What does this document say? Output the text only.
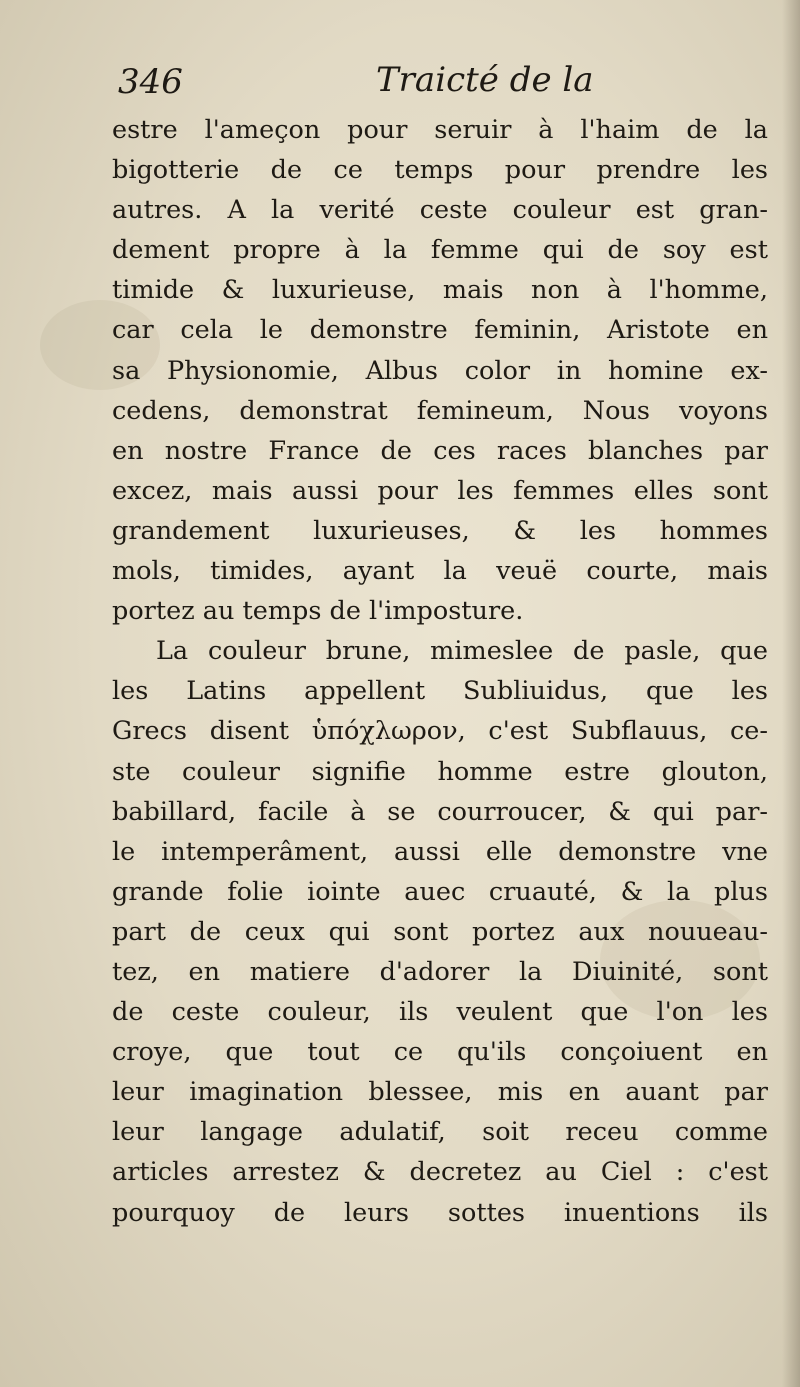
346	Traicté de la
estre l'ameçon pour seruir à l'haim de la
bigotterie de ce temps pour prendre les
autres. A la verité ceste couleur est gran-
dement propre à la femme qui de soy est
timide & luxurieuse, mais non à l'homme,
car cela le demonstre feminin, Aristote en
sa Physionomie, Albus color in homine ex-
cedens, demonstrat femineum, Nous voyons
en nostre France de ces races blanches par
excez, mais aussi pour les femmes elles sont
grandement luxurieuses, & les hommes
mols, timides, ayant la veuë courte, mais
portez au temps de l'imposture.
La couleur brune, mimeslee de pasle, que
les Latins appellent Subliuidus, que les
Grecs disent ὑπόχλωρον, c'est Subflauus, ce-
ste couleur signifie homme estre glouton,
babillard, facile à se courroucer, & qui par-
le intemperâment, aussi elle demonstre vne
grande folie iointe auec cruauté, & la plus
part de ceux qui sont portez aux nouueau-
tez, en matiere d'adorer la Diuinité, sont
de ceste couleur, ils veulent que l'on les
croye, que tout ce qu'ils conçoiuent en
leur imagination blessee, mis en auant par
leur langage adulatif, soit receu comme
articles arrestez & decretez au Ciel : c'est
pourquoy de leurs sottes inuentions ils
